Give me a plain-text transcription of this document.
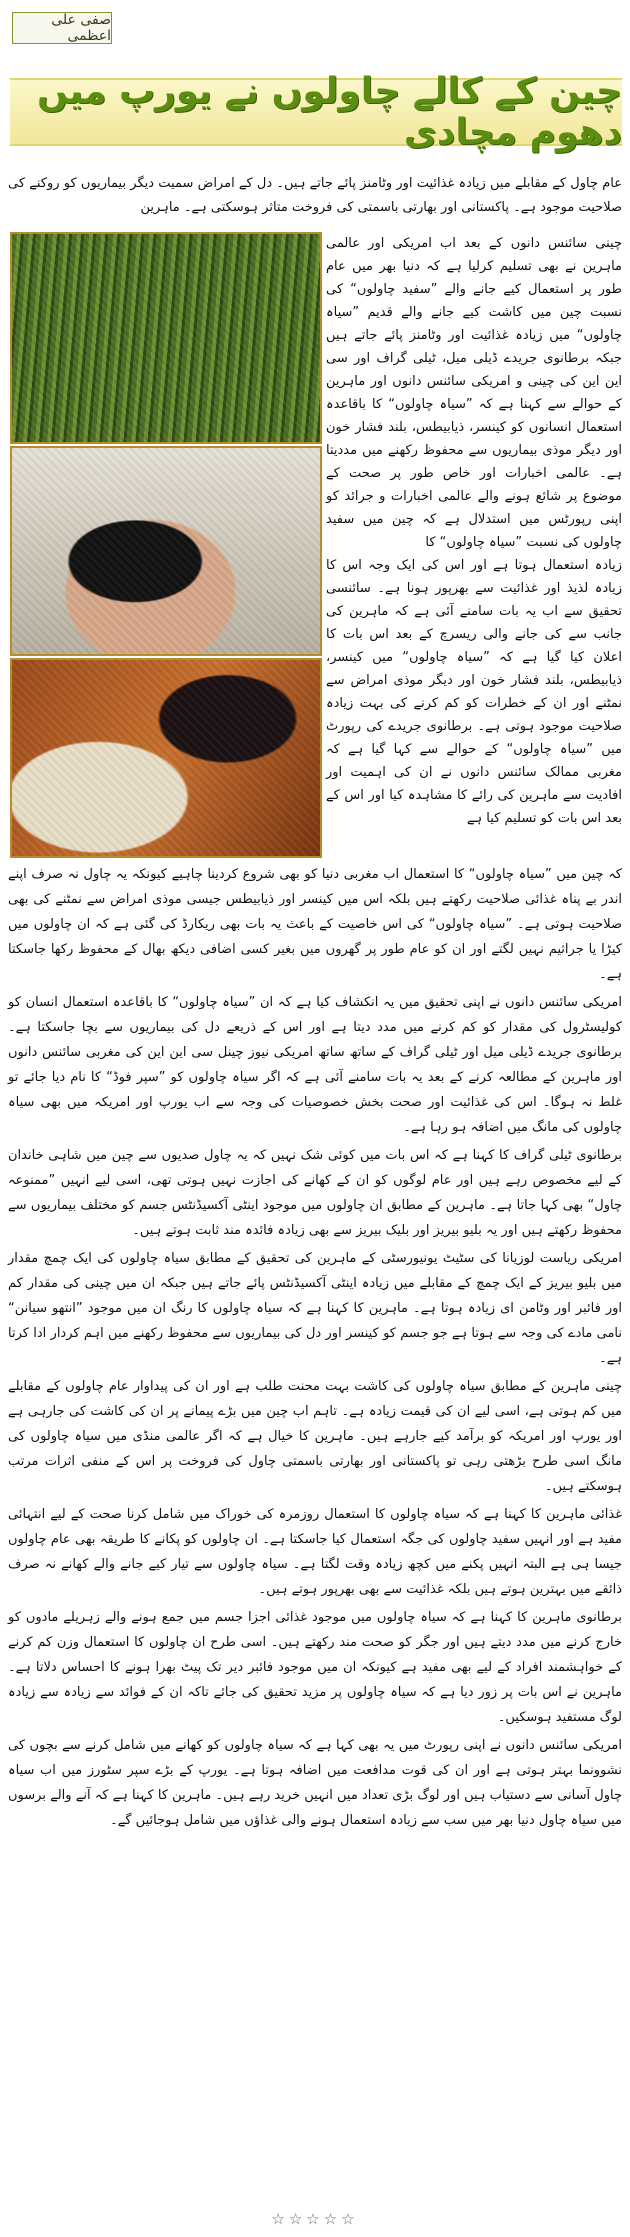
صفی علی اعظمی
چین کے کالے چاولوں نے یورپ میں دھوم مچادی

عام چاول کے مقابلے میں زیادہ غذائیت اور وٹامنز پائے جاتے ہیں۔ دل کے امراض سمیت دیگر بیماریوں کو روکنے کی صلاحیت موجود ہے۔ پاکستانی اور بھارتی باسمتی کی فروخت متاثر ہوسکتی ہے۔ ماہرین

چینی سائنس دانوں کے بعد اب امریکی اور عالمی ماہرین نے بھی تسلیم کرلیا ہے کہ دنیا بھر میں عام طور پر استعمال کیے جانے والے ”سفید چاولوں“ کی نسبت چین میں کاشت کیے جانے والے قدیم ”سیاہ چاولوں“ میں زیادہ غذائیت اور وٹامنز پائے جاتے ہیں جبکہ برطانوی جریدے ڈیلی میل، ٹیلی گراف اور سی این این کی چینی و امریکی سائنس دانوں اور ماہرین کے حوالے سے کہنا ہے کہ ”سیاہ چاولوں“ کا باقاعدہ استعمال انسانوں کو کینسر، ذیابیطس، بلند فشار خون اور دیگر موذی بیماریوں سے محفوظ رکھنے میں مددیتا ہے۔ عالمی اخبارات اور خاص طور پر صحت کے موضوع پر شائع ہونے والے عالمی اخبارات و جرائد کو اپنی رپورٹس میں استدلال ہے کہ چین میں سفید چاولوں کی نسبت ”سیاہ چاولوں“ کا

زیادہ استعمال ہوتا ہے اور اس کی ایک وجہ اس کا زیادہ لذیذ اور غذائیت سے بھرپور ہونا ہے۔ سائنسی تحقیق سے اب یہ بات سامنے آئی ہے کہ ماہرین کی جانب سے کی جانے والی ریسرچ کے بعد اس بات کا اعلان کیا گیا ہے کہ ”سیاہ چاولوں“ میں کینسر، ذیابیطس، بلند فشار خون اور دیگر موذی امراض سے نمٹنے اور ان کے خطرات کو کم کرنے کی بہت زیادہ صلاحیت موجود ہوتی ہے۔ برطانوی جریدے کی رپورٹ میں ”سیاہ چاولوں“ کے حوالے سے کہا گیا ہے کہ مغربی ممالک سائنس دانوں نے ان کی اہمیت اور افادیت سے ماہرین کی رائے کا مشاہدہ کیا اور اس کے بعد اس بات کو تسلیم کیا ہے

کہ چین میں ”سیاہ چاولوں“ کا استعمال اب مغربی دنیا کو بھی شروع کردینا چاہیے کیونکہ یہ چاول نہ صرف اپنے اندر بے پناہ غذائی صلاحیت رکھتے ہیں بلکہ اس میں کینسر اور ذیابیطس جیسی موذی امراض سے نمٹنے کی بھی صلاحیت ہوتی ہے۔ ”سیاہ چاولوں“ کی اس خاصیت کے باعث یہ بات بھی ریکارڈ کی گئی ہے کہ ان چاولوں میں کیڑا یا جراثیم نہیں لگتے اور ان کو عام طور پر گھروں میں بغیر کسی اضافی دیکھ بھال کے محفوظ رکھا جاسکتا ہے۔

امریکی سائنس دانوں نے اپنی تحقیق میں یہ انکشاف کیا ہے کہ ان ”سیاہ چاولوں“ کا باقاعدہ استعمال انسان کو کولیسٹرول کی مقدار کو کم کرنے میں مدد دیتا ہے اور اس کے ذریعے دل کی بیماریوں سے بچا جاسکتا ہے۔ برطانوی جریدے ڈیلی میل اور ٹیلی گراف کے ساتھ ساتھ امریکی نیوز چینل سی این این کی مغربی سائنس دانوں اور ماہرین کے مطالعہ کرنے کے بعد یہ بات سامنے آئی ہے کہ اگر سیاہ چاولوں کو ”سپر فوڈ“ کا نام دیا جائے تو غلط نہ ہوگا۔ اس کی غذائیت اور صحت بخش خصوصیات کی وجہ سے اب یورپ اور امریکہ میں بھی سیاہ چاولوں کی مانگ میں اضافہ ہو رہا ہے۔

برطانوی ٹیلی گراف کا کہنا ہے کہ اس بات میں کوئی شک نہیں کہ یہ چاول صدیوں سے چین میں شاہی خاندان کے لیے مخصوص رہے ہیں اور عام لوگوں کو ان کے کھانے کی اجازت نہیں ہوتی تھی، اسی لیے انہیں ”ممنوعہ چاول“ بھی کہا جاتا ہے۔ ماہرین کے مطابق ان چاولوں میں موجود اینٹی آکسیڈنٹس جسم کو مختلف بیماریوں سے محفوظ رکھتے ہیں اور یہ بلیو بیریز اور بلیک بیریز سے بھی زیادہ فائدہ مند ثابت ہوتے ہیں۔

امریکی ریاست لوزیانا کی سٹیٹ یونیورسٹی کے ماہرین کی تحقیق کے مطابق سیاہ چاولوں کی ایک چمچ مقدار میں بلیو بیریز کے ایک چمچ کے مقابلے میں زیادہ اینٹی آکسیڈنٹس پائے جاتے ہیں جبکہ ان میں چینی کی مقدار کم اور فائبر اور وٹامن ای زیادہ ہوتا ہے۔ ماہرین کا کہنا ہے کہ سیاہ چاولوں کا رنگ ان میں موجود ”انتھو سیانن“ نامی مادے کی وجہ سے ہوتا ہے جو جسم کو کینسر اور دل کی بیماریوں سے محفوظ رکھنے میں اہم کردار ادا کرتا ہے۔

چینی ماہرین کے مطابق سیاہ چاولوں کی کاشت بہت محنت طلب ہے اور ان کی پیداوار عام چاولوں کے مقابلے میں کم ہوتی ہے، اسی لیے ان کی قیمت زیادہ ہے۔ تاہم اب چین میں بڑے پیمانے پر ان کی کاشت کی جارہی ہے اور یورپ اور امریکہ کو برآمد کیے جارہے ہیں۔ ماہرین کا خیال ہے کہ اگر عالمی منڈی میں سیاہ چاولوں کی مانگ اسی طرح بڑھتی رہی تو پاکستانی اور بھارتی باسمتی چاول کی فروخت پر اس کے منفی اثرات مرتب ہوسکتے ہیں۔

غذائی ماہرین کا کہنا ہے کہ سیاہ چاولوں کا استعمال روزمرہ کی خوراک میں شامل کرنا صحت کے لیے انتہائی مفید ہے اور انہیں سفید چاولوں کی جگہ استعمال کیا جاسکتا ہے۔ ان چاولوں کو پکانے کا طریقہ بھی عام چاولوں جیسا ہی ہے البتہ انہیں پکنے میں کچھ زیادہ وقت لگتا ہے۔ سیاہ چاولوں سے تیار کیے جانے والے کھانے نہ صرف ذائقے میں بہترین ہوتے ہیں بلکہ غذائیت سے بھی بھرپور ہوتے ہیں۔

برطانوی ماہرین کا کہنا ہے کہ سیاہ چاولوں میں موجود غذائی اجزا جسم میں جمع ہونے والے زہریلے مادوں کو خارج کرنے میں مدد دیتے ہیں اور جگر کو صحت مند رکھتے ہیں۔ اسی طرح ان چاولوں کا استعمال وزن کم کرنے کے خواہشمند افراد کے لیے بھی مفید ہے کیونکہ ان میں موجود فائبر دیر تک پیٹ بھرا ہونے کا احساس دلاتا ہے۔ ماہرین نے اس بات پر زور دیا ہے کہ سیاہ چاولوں پر مزید تحقیق کی جائے تاکہ ان کے فوائد سے زیادہ سے زیادہ لوگ مستفید ہوسکیں۔

امریکی سائنس دانوں نے اپنی رپورٹ میں یہ بھی کہا ہے کہ سیاہ چاولوں کو کھانے میں شامل کرنے سے بچوں کی نشوونما بہتر ہوتی ہے اور ان کی قوت مدافعت میں اضافہ ہوتا ہے۔ یورپ کے بڑے سپر سٹورز میں اب سیاہ چاول آسانی سے دستیاب ہیں اور لوگ بڑی تعداد میں انہیں خرید رہے ہیں۔ ماہرین کا کہنا ہے کہ آنے والے برسوں میں سیاہ چاول دنیا بھر میں سب سے زیادہ استعمال ہونے والی غذاؤں میں شامل ہوجائیں گے۔

☆☆☆☆☆
